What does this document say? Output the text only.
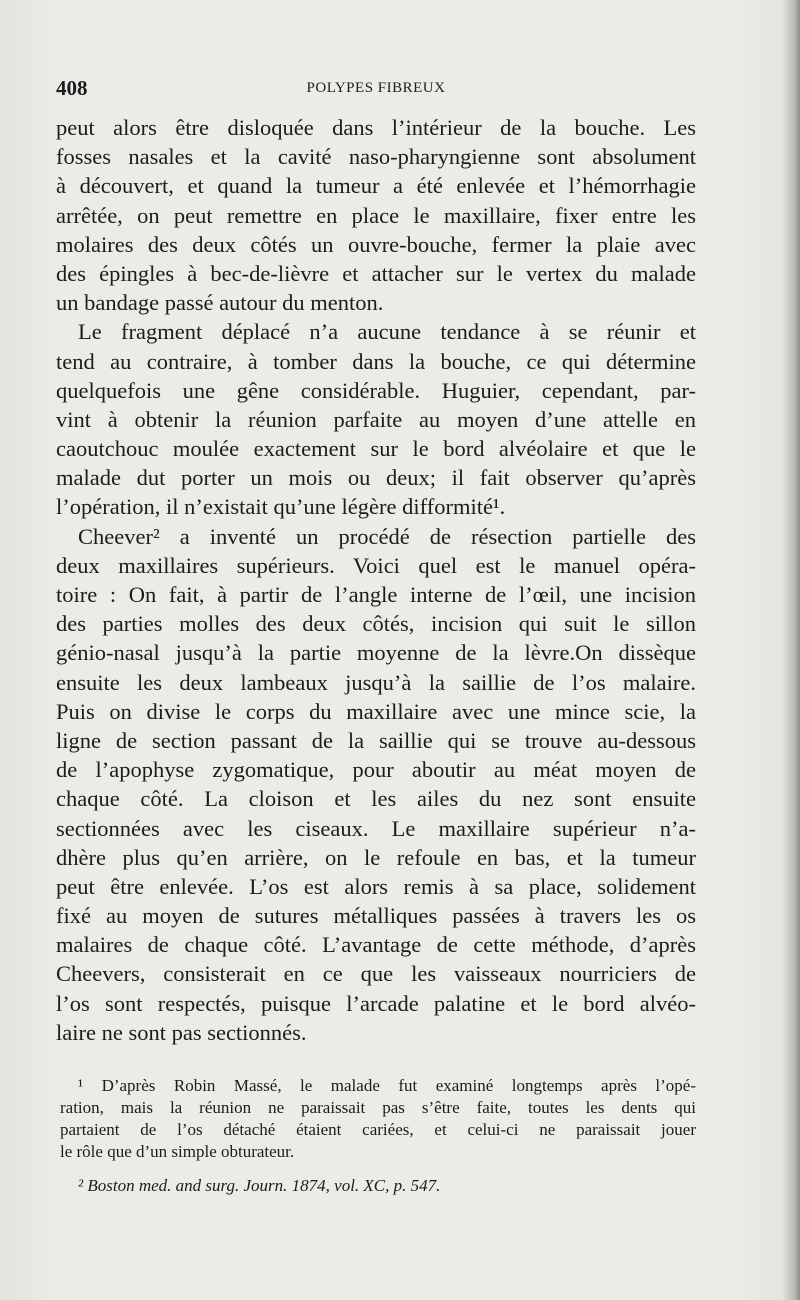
408	POLYPES FIBREUX
peut alors être disloquée dans l’intérieur de la bouche. Les
fosses nasales et la cavité naso-pharyngienne sont absolument
à découvert, et quand la tumeur a été enlevée et l’hémorrhagie
arrêtée, on peut remettre en place le maxillaire, fixer entre les
molaires des deux côtés un ouvre-bouche, fermer la plaie avec
des épingles à bec-de-lièvre et attacher sur le vertex du malade
un bandage passé autour du menton.
Le fragment déplacé n’a aucune tendance à se réunir et
tend au contraire, à tomber dans la bouche, ce qui détermine
quelquefois une gêne considérable. Huguier, cependant, par-
vint à obtenir la réunion parfaite au moyen d’une attelle en
caoutchouc moulée exactement sur le bord alvéolaire et que le
malade dut porter un mois ou deux; il fait observer qu’après
l’opération, il n’existait qu’une légère difformité¹.
Cheever² a inventé un procédé de résection partielle des
deux maxillaires supérieurs. Voici quel est le manuel opéra-
toire : On fait, à partir de l’angle interne de l’œil, une incision
des parties molles des deux côtés, incision qui suit le sillon
génio-nasal jusqu’à la partie moyenne de la lèvre.On dissèque
ensuite les deux lambeaux jusqu’à la saillie de l’os malaire.
Puis on divise le corps du maxillaire avec une mince scie, la
ligne de section passant de la saillie qui se trouve au-dessous
de l’apophyse zygomatique, pour aboutir au méat moyen de
chaque côté. La cloison et les ailes du nez sont ensuite
sectionnées avec les ciseaux. Le maxillaire supérieur n’a-
dhère plus qu’en arrière, on le refoule en bas, et la tumeur
peut être enlevée. L’os est alors remis à sa place, solidement
fixé au moyen de sutures métalliques passées à travers les os
malaires de chaque côté. L’avantage de cette méthode, d’après
Cheevers, consisterait en ce que les vaisseaux nourriciers de
l’os sont respectés, puisque l’arcade palatine et le bord alvéo-
laire ne sont pas sectionnés.
¹ D’après Robin Massé, le malade fut examiné longtemps après l’opé-
ration, mais la réunion ne paraissait pas s’être faite, toutes les dents qui
partaient de l’os détaché étaient cariées, et celui-ci ne paraissait jouer
le rôle que d’un simple obturateur.
² Boston med. and surg. Journ. 1874, vol. XC, p. 547.
